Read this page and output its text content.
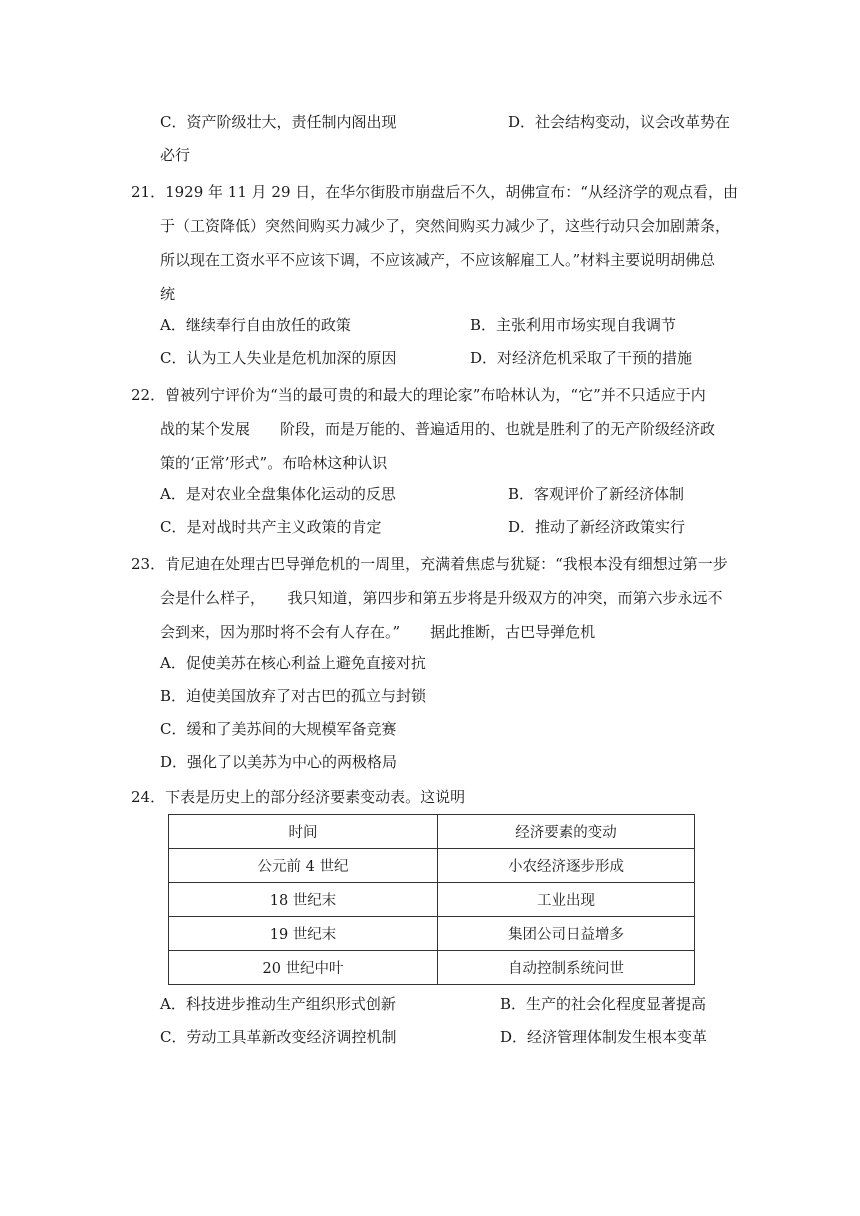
C．资产阶级壮大，责任制内阁出现	D．社会结构变动，议会改革势在
必行
21．1929 年 11 月 29 日，在华尔街股市崩盘后不久，胡佛宣布：“从经济学的观点看，由
于（工资降低）突然间购买力减少了，突然间购买力减少了，这些行动只会加剧萧条，
所以现在工资水平不应该下调，不应该减产，不应该解雇工人。”材料主要说明胡佛总
统
A．继续奉行自由放任的政策	B．主张利用市场实现自我调节
C．认为工人失业是危机加深的原因	D．对经济危机采取了干预的措施
22．曾被列宁评价为“当的最可贵的和最大的理论家”布哈林认为，“它”并不只适应于内
战的某个发展　　阶段，而是万能的、普遍适用的、也就是胜利了的无产阶级经济政
策的‘正常’形式”。布哈林这种认识
A．是对农业全盘集体化运动的反思	B．客观评价了新经济体制
C．是对战时共产主义政策的肯定	D．推动了新经济政策实行
23．肯尼迪在处理古巴导弹危机的一周里，充满着焦虑与犹疑：“我根本没有细想过第一步
会是什么样子，　　我只知道，第四步和第五步将是升级双方的冲突，而第六步永远不
会到来，因为那时将不会有人存在。”　　据此推断，古巴导弹危机
A．促使美苏在核心利益上避免直接对抗
B．迫使美国放弃了对古巴的孤立与封锁
C．缓和了美苏间的大规模军备竞赛
D．强化了以美苏为中心的两极格局
24．下表是历史上的部分经济要素变动表。这说明
时间	经济要素的变动
公元前 4 世纪	小农经济逐步形成
18 世纪末	工业出现
19 世纪末	集团公司日益增多
20 世纪中叶	自动控制系统问世
A．科技进步推动生产组织形式创新	B．生产的社会化程度显著提高
C．劳动工具革新改变经济调控机制	D．经济管理体制发生根本变革
